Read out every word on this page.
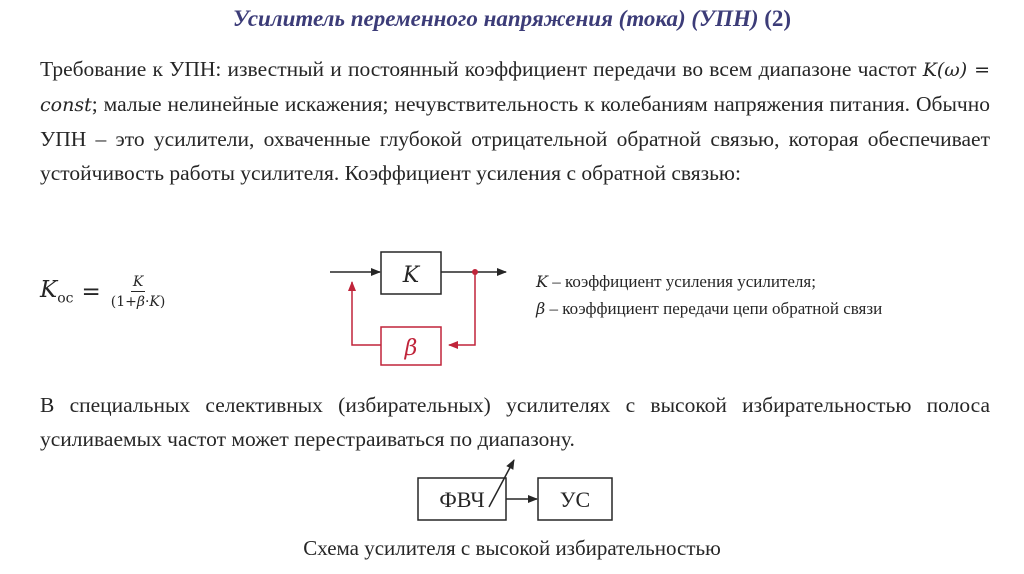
Усилитель переменного напряжения (тока) (УПН) (2)
Требование к УПН: известный и постоянный коэффициент передачи во всем диапазоне частот K(ω) = const; малые нелинейные искажения; нечувствительность к колебаниям напряжения питания. Обычно УПН – это усилители, охваченные глубокой отрицательной обратной связью, которая обеспечивает устойчивость работы усилителя. Коэффициент усиления с обратной связью:
$K_{ос} = \frac{K}{(1+\beta\cdot K)}$	K
β
ФВЧ	УС
K – коэффициент усиления усилителя;
β – коэффициент передачи цепи обратной связи
В специальных селективных (избирательных) усилителях с высокой избирательностью полоса усиливаемых частот может перестраиваться по диапазону.
Схема усилителя с высокой избирательностью
